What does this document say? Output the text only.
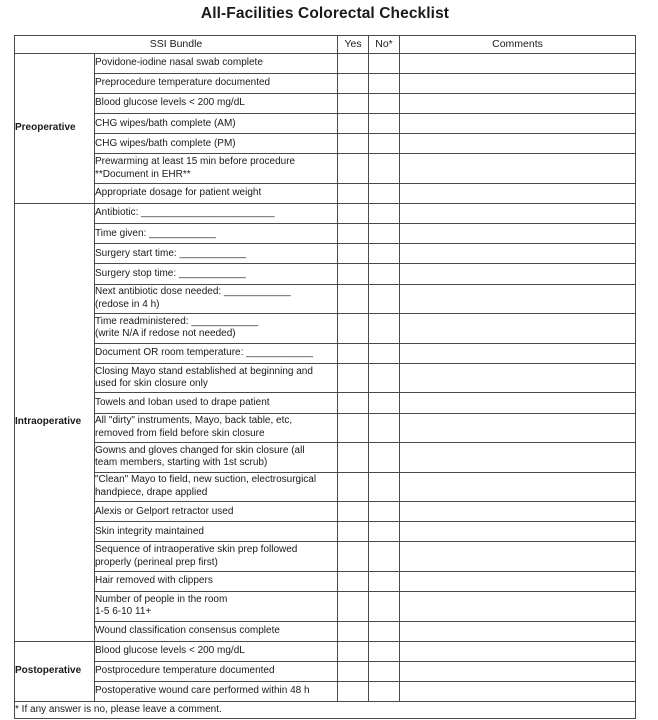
All-Facilities Colorectal Checklist
SSI Bundle		Yes	No*	Comments
Preoperative	Povidone-iodine nasal swab complete			
	Preprocedure temperature documented			
	Blood glucose levels < 200 mg/dL			
	CHG wipes/bath complete (AM)			
	CHG wipes/bath complete (PM)			
	Prewarming at least 15 min before procedure
**Document in EHR**			
	Appropriate dosage for patient weight			
Intraoperative	Antibiotic: ________________________			
	Time given: ____________			
	Surgery start time: ____________			
	Surgery stop time: ____________			
	Next antibiotic dose needed: ____________
(redose in 4 h)			
	Time readministered: ____________
(write N/A if redose not needed)			
	Document OR room temperature: ____________			
	Closing Mayo stand established at beginning and
used for skin closure only			
	Towels and Ioban used to drape patient			
	All "dirty" instruments, Mayo, back table, etc,
removed from field before skin closure			
	Gowns and gloves changed for skin closure (all
team members, starting with 1st scrub)			
	"Clean" Mayo to field, new suction, electrosurgical
handpiece, drape applied			
	Alexis or Gelport retractor used			
	Skin integrity maintained			
	Sequence of intraoperative skin prep followed
properly (perineal prep first)			
	Hair removed with clippers			
	Number of people in the room
1-5 6-10 11+			
	Wound classification consensus complete			
Postoperative	Blood glucose levels < 200 mg/dL			
	Postprocedure temperature documented			
	Postoperative wound care performed within 48 h			
* If any answer is no, please leave a comment.				
